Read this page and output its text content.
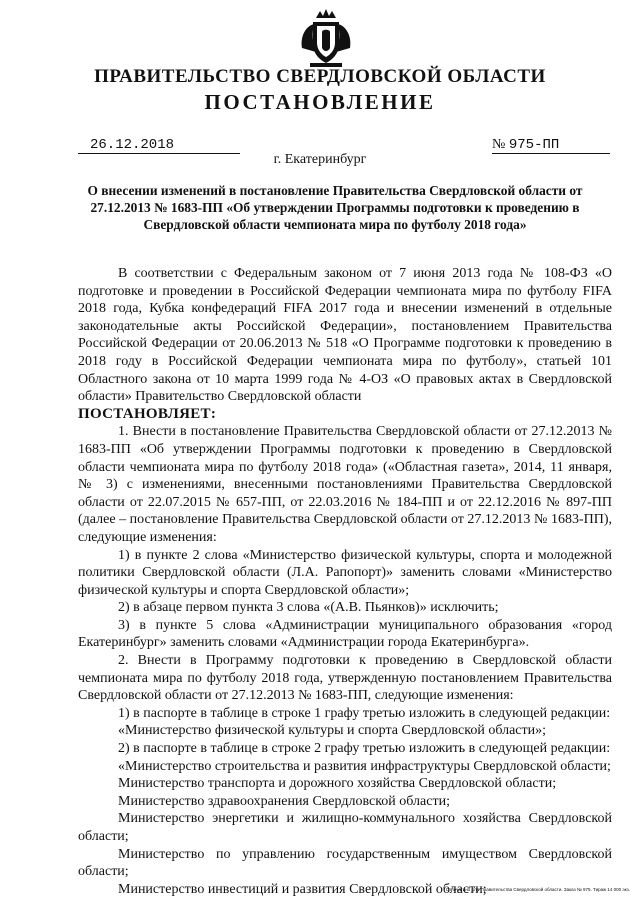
ПРАВИТЕЛЬСТВО СВЕРДЛОВСКОЙ ОБЛАСТИ
ПОСТАНОВЛЕНИЕ
26.12.2018	№ 975-ПП
г. Екатеринбург
О внесении изменений в постановление Правительства Свердловской области от 27.12.2013 № 1683-ПП «Об утверждении Программы подготовки к проведению в Свердловской области чемпионата мира по футболу 2018 года»

В соответствии с Федеральным законом от 7 июня 2013 года № 108-ФЗ «О подготовке и проведении в Российской Федерации чемпионата мира по футболу FIFA 2018 года, Кубка конфедераций FIFA 2017 года и внесении изменений в отдельные законодательные акты Российской Федерации», постановлением Правительства Российской Федерации от 20.06.2013 № 518 «О Программе подготовки к проведению в 2018 году в Российской Федерации чемпионата мира по футболу», статьей 101 Областного закона от 10 марта 1999 года № 4-ОЗ «О правовых актах в Свердловской области» Правительство Свердловской области

ПОСТАНОВЛЯЕТ:

1. Внести в постановление Правительства Свердловской области от 27.12.2013 № 1683-ПП «Об утверждении Программы подготовки к проведению в Свердловской области чемпионата мира по футболу 2018 года» («Областная газета», 2014, 11 января, № 3) с изменениями, внесенными постановлениями Правительства Свердловской области от 22.07.2015 № 657-ПП, от 22.03.2016 № 184-ПП и от 22.12.2016 № 897-ПП (далее – постановление Правительства Свердловской области от 27.12.2013 № 1683-ПП), следующие изменения:

1) в пункте 2 слова «Министерство физической культуры, спорта и молодежной политики Свердловской области (Л.А. Рапопорт)» заменить словами «Министерство физической культуры и спорта Свердловской области»;

2) в абзаце первом пункта 3 слова «(А.В. Пьянков)» исключить;

3) в пункте 5 слова «Администрации муниципального образования «город Екатеринбург» заменить словами «Администрации города Екатеринбурга».

2. Внести в Программу подготовки к проведению в Свердловской области чемпионата мира по футболу 2018 года, утвержденную постановлением Правительства Свердловской области от 27.12.2013 № 1683-ПП, следующие изменения:

1) в паспорте в таблице в строке 1 графу третью изложить в следующей редакции:

«Министерство физической культуры и спорта Свердловской области»;

2) в паспорте в таблице в строке 2 графу третью изложить в следующей редакции:

«Министерство строительства и развития инфраструктуры Свердловской области;

Министерство транспорта и дорожного хозяйства Свердловской области;

Министерство здравоохранения Свердловской области;

Министерство энергетики и жилищно-коммунального хозяйства Свердловской области;

Министерство по управлению государственным имуществом Свердловской области;

Министерство инвестиций и развития Свердловской области;

Отпечатано для Правительства Свердловской области. Заказ № 975. Тираж 14 000 экз.
